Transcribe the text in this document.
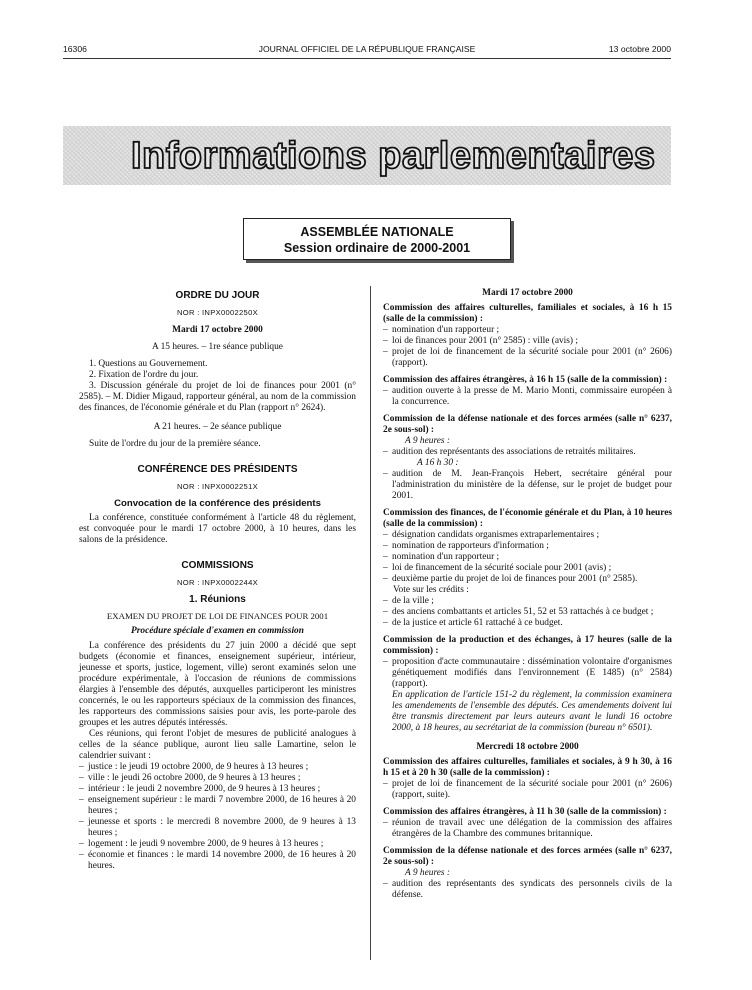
16306	JOURNAL OFFICIEL DE LA RÉPUBLIQUE FRANÇAISE	13 octobre 2000
Informations parlementaires
ASSEMBLÉE NATIONALE
Session ordinaire de 2000-2001
ORDRE DU JOUR
NOR : INPX0002250X
Mardi 17 octobre 2000
A 15 heures. – 1re séance publique

1. Questions au Gouvernement.

2. Fixation de l'ordre du jour.

3. Discussion générale du projet de loi de finances pour 2001 (n° 2585). – M. Didier Migaud, rapporteur général, au nom de la commission des finances, de l'économie générale et du Plan (rapport n° 2624).

A 21 heures. – 2e séance publique

Suite de l'ordre du jour de la première séance.

CONFÉRENCE DES PRÉSIDENTS
NOR : INPX0002251X
Convocation de la conférence des présidents

La conférence, constituée conformément à l'article 48 du règlement, est convoquée pour le mardi 17 octobre 2000, à 10 heures, dans les salons de la présidence.

COMMISSIONS
NOR : INPX0002244X
1. Réunions
EXAMEN DU PROJET DE LOI DE FINANCES POUR 2001
Procédure spéciale d'examen en commission

La conférence des présidents du 27 juin 2000 a décidé que sept budgets (économie et finances, enseignement supérieur, intérieur, jeunesse et sports, justice, logement, ville) seront examinés selon une procédure expérimentale, à l'occasion de réunions de commissions élargies à l'ensemble des députés, auxquelles participeront les ministres concernés, le ou les rapporteurs spéciaux de la commission des finances, les rapporteurs des commissions saisies pour avis, les porte-parole des groupes et les autres députés intéressés.

Ces réunions, qui feront l'objet de mesures de publicité analogues à celles de la séance publique, auront lieu salle Lamartine, selon le calendrier suivant :

– justice : le jeudi 19 octobre 2000, de 9 heures à 13 heures ;
– ville : le jeudi 26 octobre 2000, de 9 heures à 13 heures ;
– intérieur : le jeudi 2 novembre 2000, de 9 heures à 13 heures ;
– enseignement supérieur : le mardi 7 novembre 2000, de 16 heures à 20 heures ;
– jeunesse et sports : le mercredi 8 novembre 2000, de 9 heures à 13 heures ;
– logement : le jeudi 9 novembre 2000, de 9 heures à 13 heures ;
– économie et finances : le mardi 14 novembre 2000, de 16 heures à 20 heures.
Mardi 17 octobre 2000

Commission des affaires culturelles, familiales et sociales, à 16 h 15 (salle de la commission) :

– nomination d'un rapporteur ;
– loi de finances pour 2001 (n° 2585) : ville (avis) ;
– projet de loi de financement de la sécurité sociale pour 2001 (n° 2606) (rapport).

Commission des affaires étrangères, à 16 h 15 (salle de la commission) :

– audition ouverte à la presse de M. Mario Monti, commissaire européen à la concurrence.

Commission de la défense nationale et des forces armées (salle n° 6237, 2e sous-sol) :

A 9 heures :
– audition des représentants des associations de retraités militaires.
A 16 h 30 :
– audition de M. Jean-François Hebert, secrétaire général pour l'administration du ministère de la défense, sur le projet de budget pour 2001.

Commission des finances, de l'économie générale et du Plan, à 10 heures (salle de la commission) :

– désignation candidats organismes extraparlementaires ;
– nomination de rapporteurs d'information ;
– nomination d'un rapporteur ;
– loi de financement de la sécurité sociale pour 2001 (avis) ;
– deuxième partie du projet de loi de finances pour 2001 (n° 2585).
Vote sur les crédits :
– de la ville ;
– des anciens combattants et articles 51, 52 et 53 rattachés à ce budget ;
– de la justice et article 61 rattaché à ce budget.

Commission de la production et des échanges, à 17 heures (salle de la commission) :

– proposition d'acte communautaire : dissémination volontaire d'organismes génétiquement modifiés dans l'environnement (E 1485) (n° 2584) (rapport).

En application de l'article 151-2 du règlement, la commission examinera les amendements de l'ensemble des députés. Ces amendements doivent lui être transmis directement par leurs auteurs avant le lundi 16 octobre 2000, à 18 heures, au secrétariat de la commission (bureau n° 6501).

Mercredi 18 octobre 2000

Commission des affaires culturelles, familiales et sociales, à 9 h 30, à 16 h 15 et à 20 h 30 (salle de la commission) :

– projet de loi de financement de la sécurité sociale pour 2001 (n° 2606) (rapport, suite).

Commission des affaires étrangères, à 11 h 30 (salle de la commission) :

– réunion de travail avec une délégation de la commission des affaires étrangères de la Chambre des communes britannique.

Commission de la défense nationale et des forces armées (salle n° 6237, 2e sous-sol) :

A 9 heures :
– audition des représentants des syndicats des personnels civils de la défense.
